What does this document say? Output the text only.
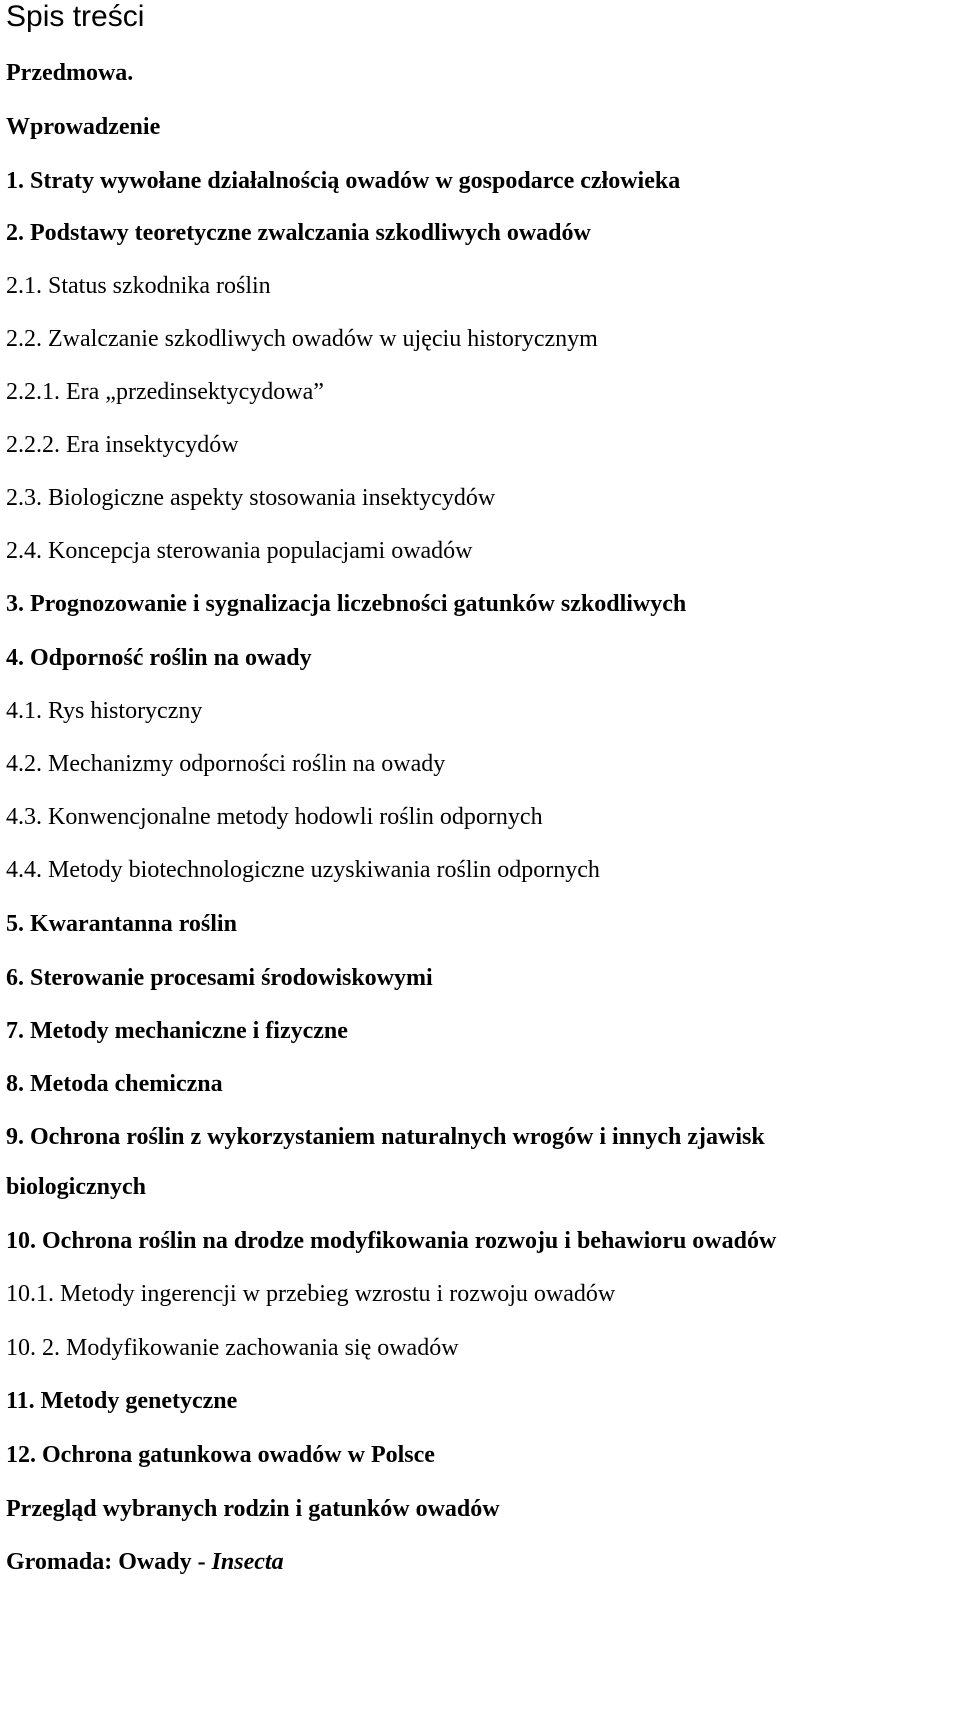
Spis treści
Przedmowa.
Wprowadzenie
1. Straty wywołane działalnością owadów w gospodarce człowieka
2. Podstawy teoretyczne zwalczania szkodliwych owadów
2.1. Status szkodnika roślin
2.2. Zwalczanie szkodliwych owadów w ujęciu historycznym
2.2.1. Era „przedinsektycydowa”
2.2.2. Era insektycydów
2.3. Biologiczne aspekty stosowania insektycydów
2.4. Koncepcja sterowania populacjami owadów
3. Prognozowanie i sygnalizacja liczebności gatunków szkodliwych
4. Odporność roślin na owady
4.1. Rys historyczny
4.2. Mechanizmy odporności roślin na owady
4.3. Konwencjonalne metody hodowli roślin odpornych
4.4. Metody biotechnologiczne uzyskiwania roślin odpornych
5. Kwarantanna roślin
6. Sterowanie procesami środowiskowymi
7. Metody mechaniczne i fizyczne
8. Metoda chemiczna
9. Ochrona roślin z wykorzystaniem naturalnych wrogów i innych zjawisk
biologicznych
10. Ochrona roślin na drodze modyfikowania rozwoju i behawioru owadów
10.1. Metody ingerencji w przebieg wzrostu i rozwoju owadów
10. 2. Modyfikowanie zachowania się owadów
11. Metody genetyczne
12. Ochrona gatunkowa owadów w Polsce
Przegląd wybranych rodzin i gatunków owadów
Gromada: Owady - Insecta
